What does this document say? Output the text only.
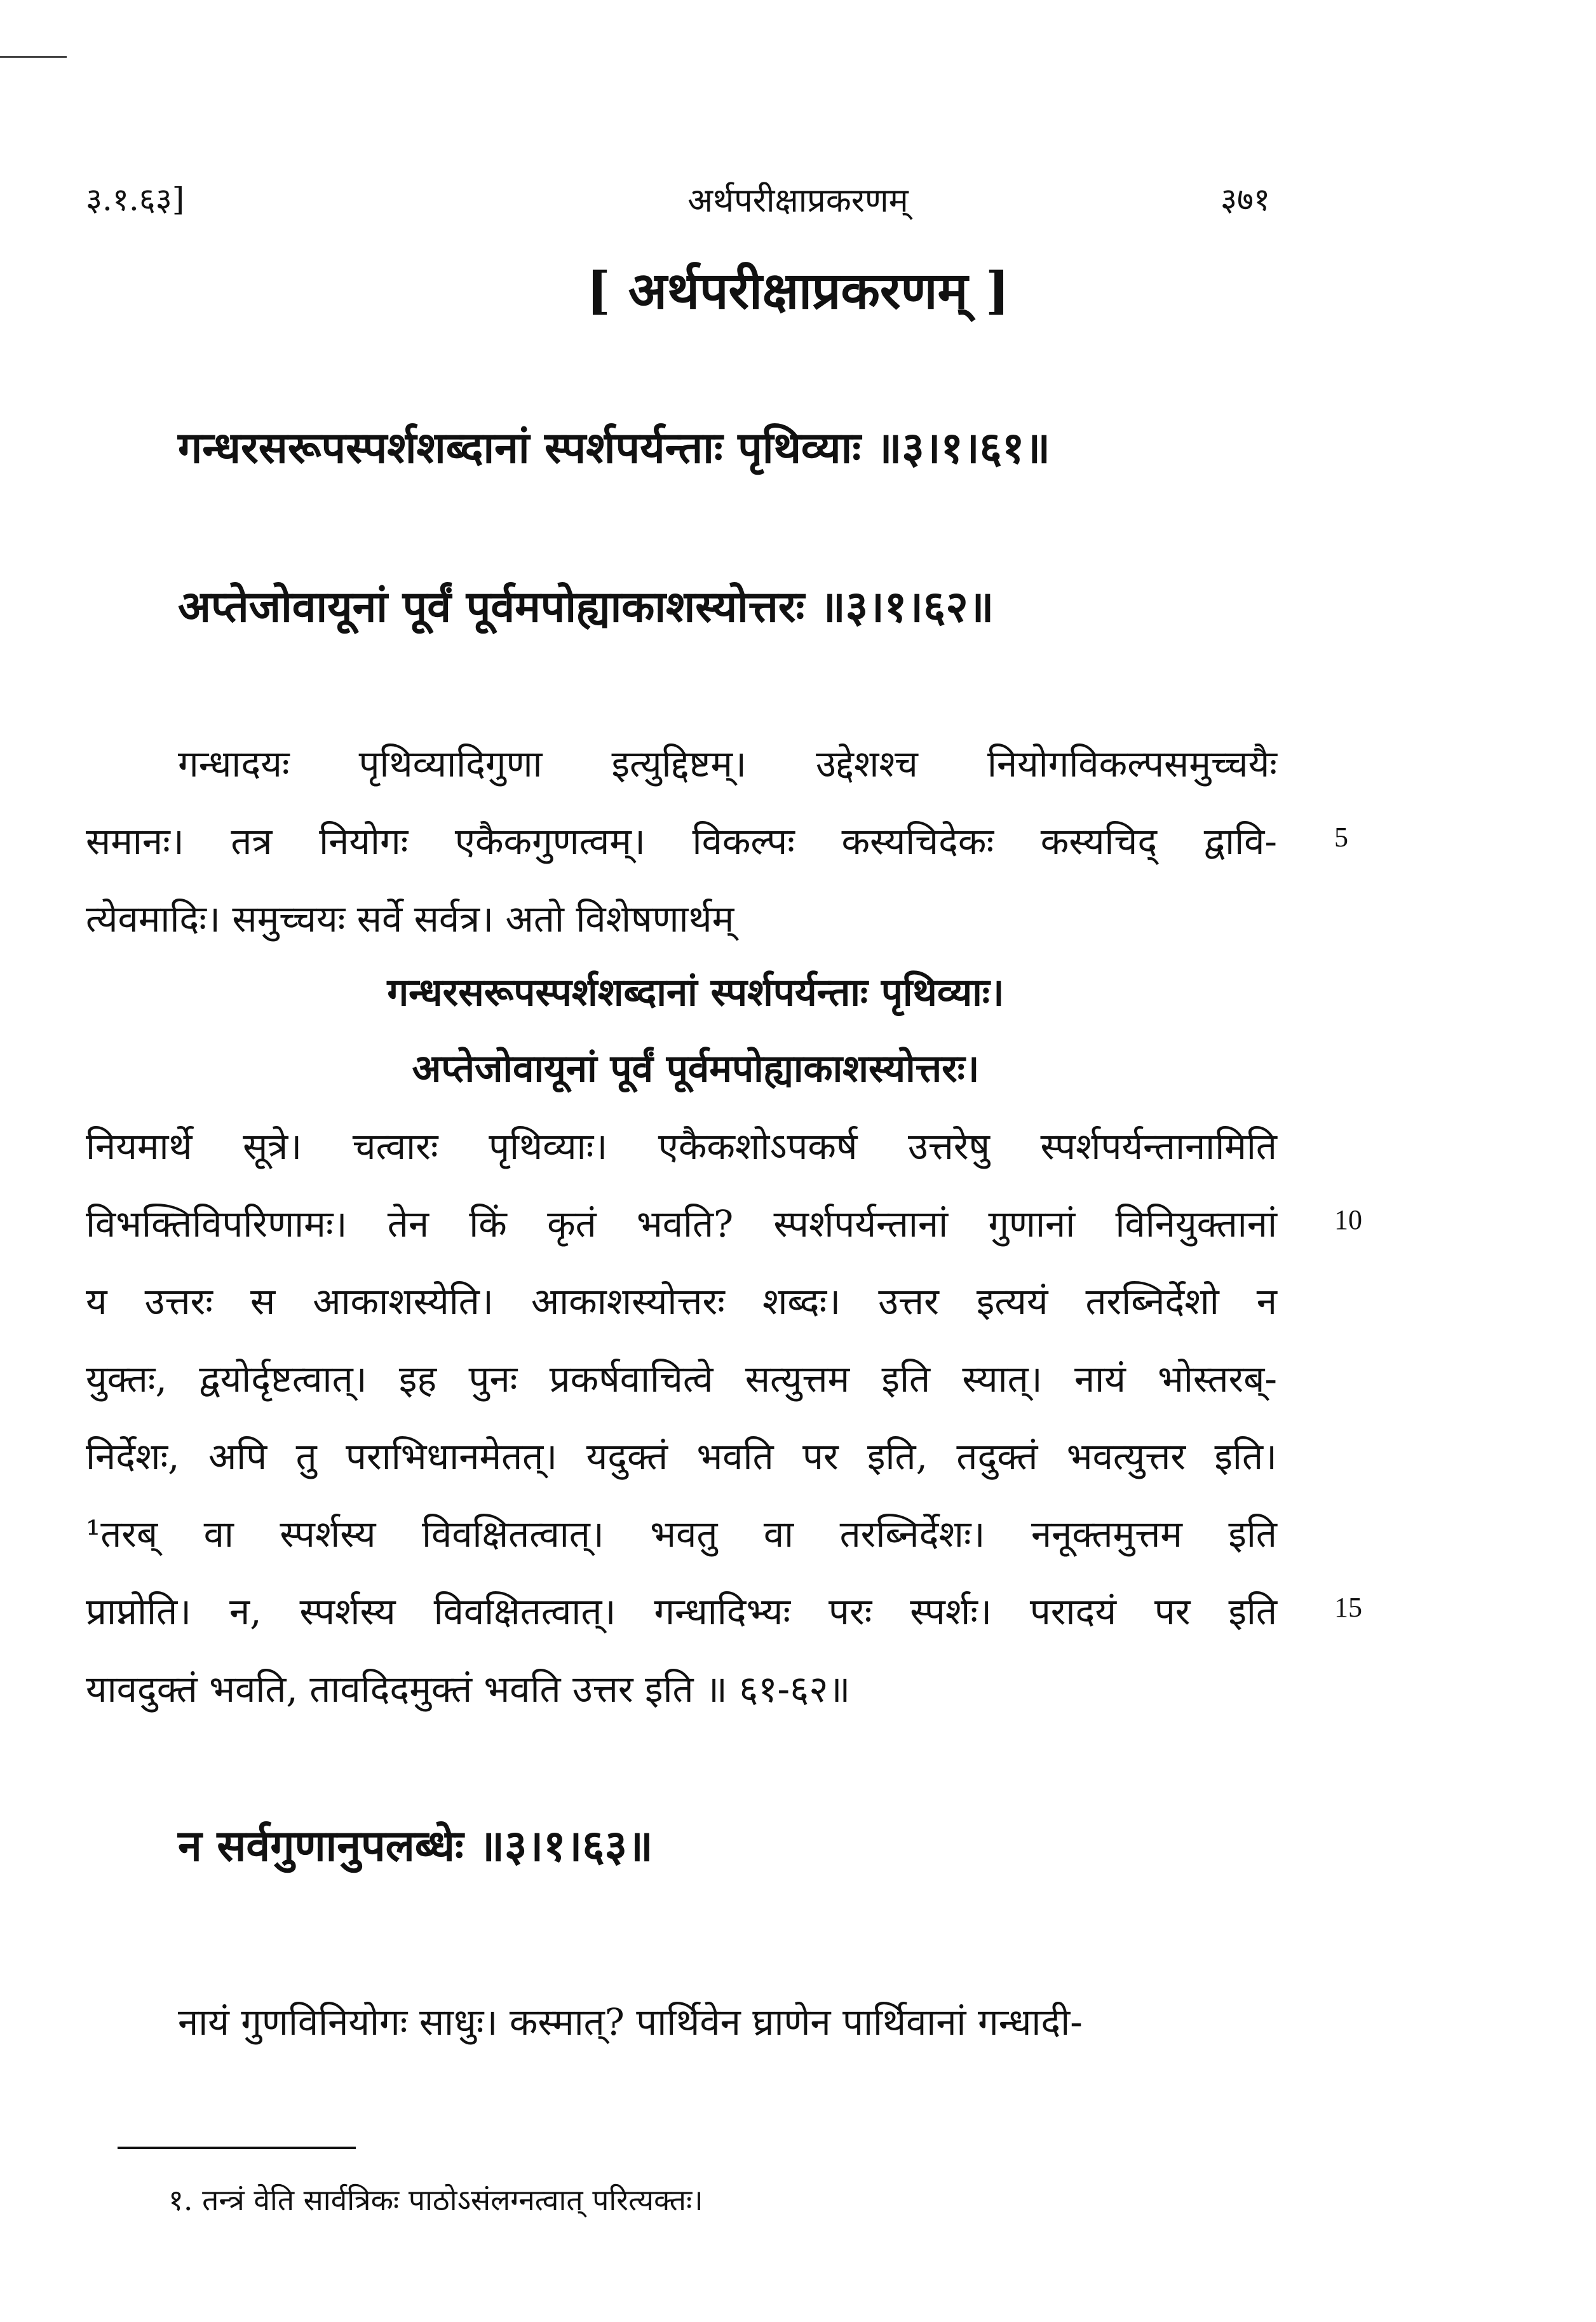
३.१.६३]	अर्थपरीक्षाप्रकरणम्	३७१
[ अर्थपरीक्षाप्रकरणम् ]
गन्धरसरूपस्पर्शशब्दानां स्पर्शपर्यन्ताः पृथिव्याः ॥३।१।६१॥
अप्तेजोवायूनां पूर्वं पूर्वमपोह्याकाशस्योत्तरः ॥३।१।६२॥
गन्धादयः पृथिव्यादिगुणा इत्युद्दिष्टम्। उद्देशश्च नियोगविकल्पसमुच्चयैः
समानः। तत्र नियोगः एकैकगुणत्वम्। विकल्पः कस्यचिदेकः कस्यचिद् द्वावि- 5
त्येवमादिः। समुच्चयः सर्वे सर्वत्र। अतो विशेषणार्थम्
गन्धरसरूपस्पर्शशब्दानां स्पर्शपर्यन्ताः पृथिव्याः।
अप्तेजोवायूनां पूर्वं पूर्वमपोह्याकाशस्योत्तरः।
नियमार्थे सूत्रे। चत्वारः पृथिव्याः। एकैकशोऽपकर्ष उत्तरेषु स्पर्शपर्यन्तानामिति
विभक्तिविपरिणामः। तेन किं कृतं भवति? स्पर्शपर्यन्तानां गुणानां विनियुक्तानां 10
य उत्तरः स आकाशस्येति। आकाशस्योत्तरः शब्दः। उत्तर इत्ययं तरब्निर्देशो न
युक्तः, द्वयोर्दृष्टत्वात्। इह पुनः प्रकर्षवाचित्वे सत्युत्तम इति स्यात्। नायं भोस्तरब्-
निर्देशः, अपि तु पराभिधानमेतत्। यदुक्तं भवति पर इति, तदुक्तं भवत्युत्तर इति।
¹तरब् वा स्पर्शस्य विवक्षितत्वात्। भवतु वा तरब्निर्देशः। ननूक्तमुत्तम इति
प्राप्नोति। न, स्पर्शस्य विवक्षितत्वात्। गन्धादिभ्यः परः स्पर्शः। परादयं पर इति 15
यावदुक्तं भवति, तावदिदमुक्तं भवति उत्तर इति ॥ ६१-६२॥
न सर्वगुणानुपलब्धेः ॥३।१।६३॥
नायं गुणविनियोगः साधुः। कस्मात्? पार्थिवेन घ्राणेन पार्थिवानां गन्धादी-
१. तन्त्रं वेति सार्वत्रिकः पाठोऽसंलग्नत्वात् परित्यक्तः।
